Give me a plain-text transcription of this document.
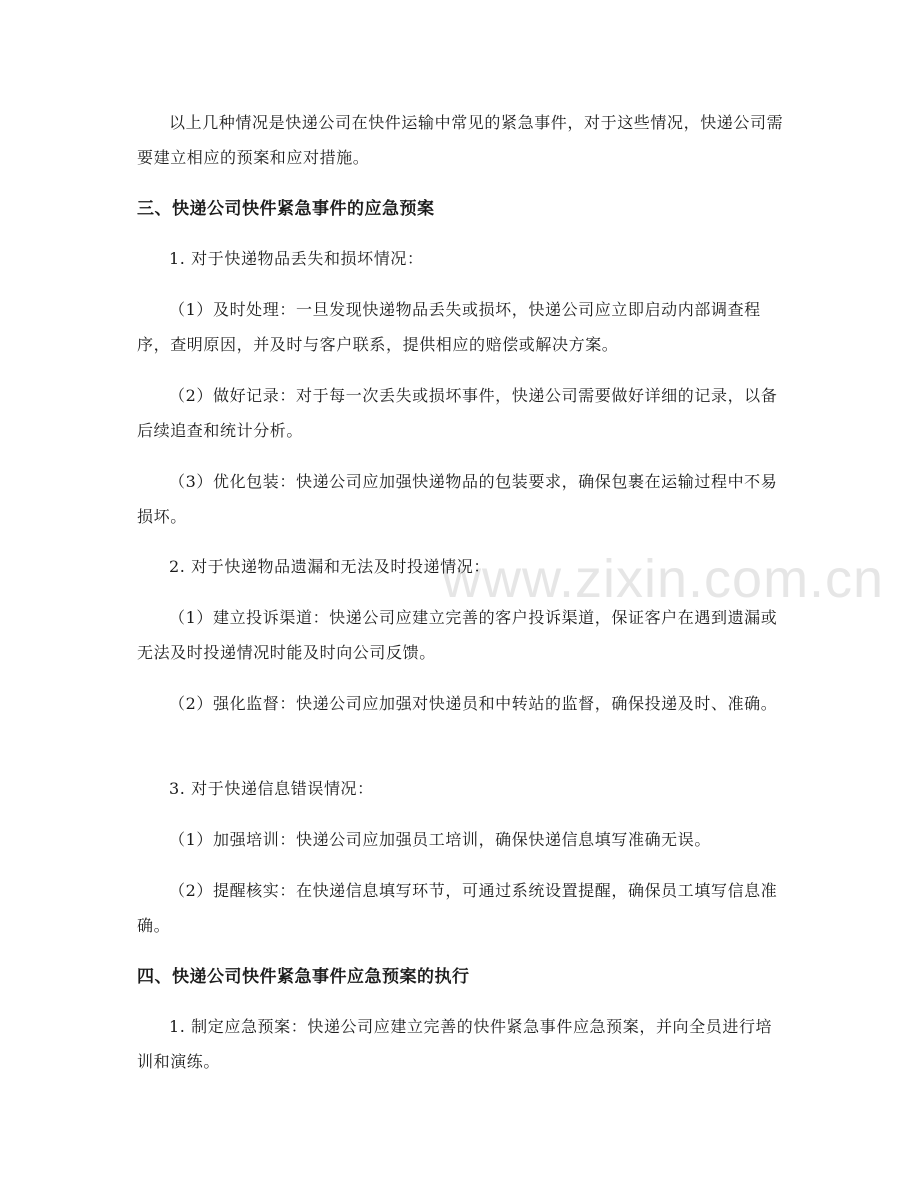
www.zixin.com.cn

以上几种情况是快递公司在快件运输中常见的紧急事件，对于这些情况，快递公司需要建立相应的预案和应对措施。

三、快递公司快件紧急事件的应急预案

1. 对于快递物品丢失和损坏情况：

（1）及时处理：一旦发现快递物品丢失或损坏，快递公司应立即启动内部调查程序，查明原因，并及时与客户联系，提供相应的赔偿或解决方案。

（2）做好记录：对于每一次丢失或损坏事件，快递公司需要做好详细的记录，以备后续追查和统计分析。

（3）优化包装：快递公司应加强快递物品的包装要求，确保包裹在运输过程中不易损坏。

2. 对于快递物品遗漏和无法及时投递情况：

（1）建立投诉渠道：快递公司应建立完善的客户投诉渠道，保证客户在遇到遗漏或无法及时投递情况时能及时向公司反馈。

（2）强化监督：快递公司应加强对快递员和中转站的监督，确保投递及时、准确。

3. 对于快递信息错误情况：

（1）加强培训：快递公司应加强员工培训，确保快递信息填写准确无误。

（2）提醒核实：在快递信息填写环节，可通过系统设置提醒，确保员工填写信息准确。

四、快递公司快件紧急事件应急预案的执行

1. 制定应急预案：快递公司应建立完善的快件紧急事件应急预案，并向全员进行培训和演练。
